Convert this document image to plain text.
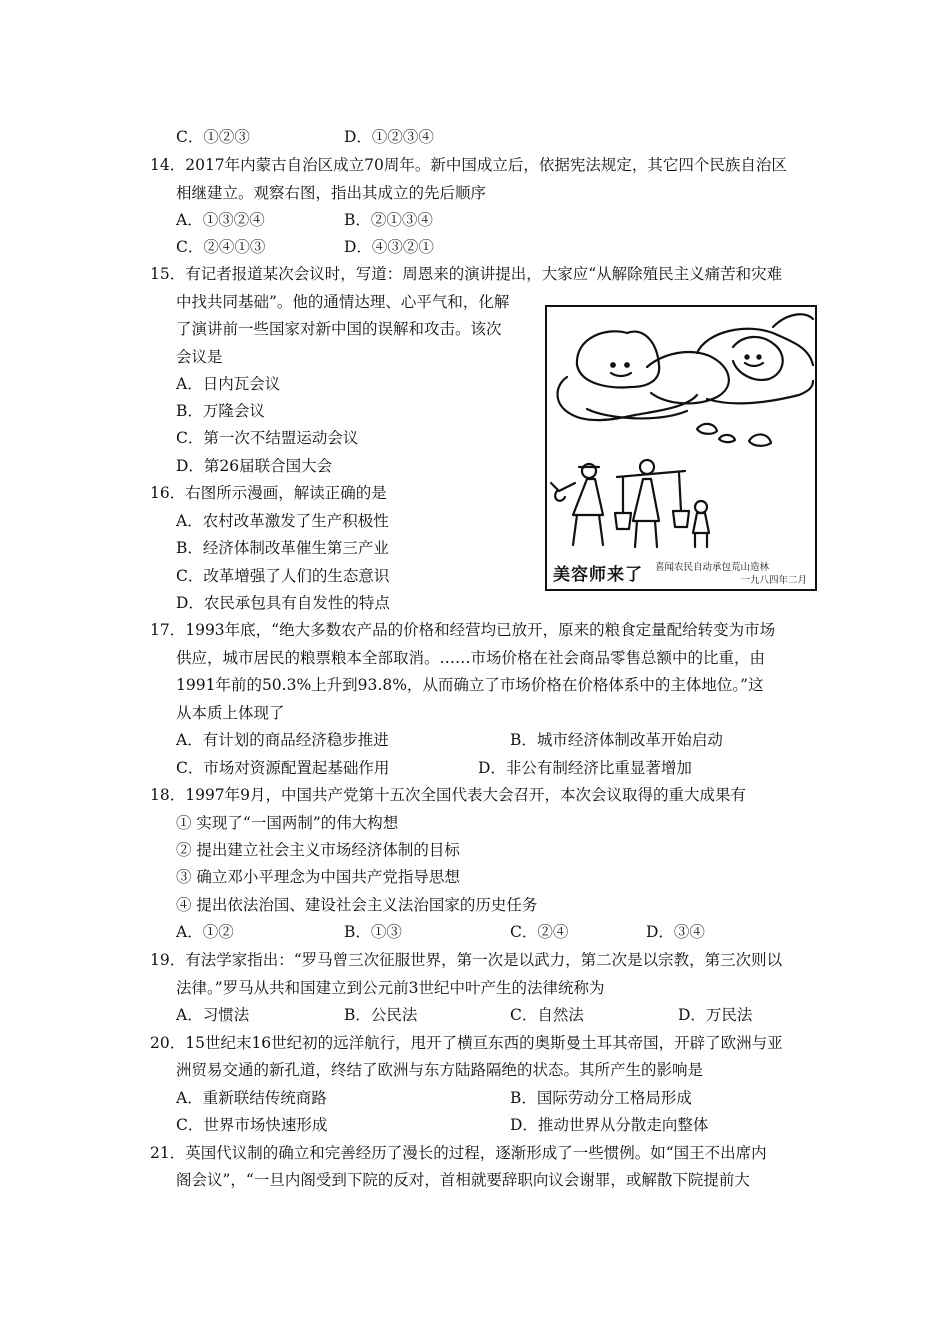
C．①②③	D．①②③④
14．2017年内蒙古自治区成立70周年。新中国成立后，依据宪法规定，其它四个民族自治区
相继建立。观察右图，指出其成立的先后顺序
A．①③②④	B．②①③④
C．②④①③	D．④③②①
15．有记者报道某次会议时，写道：周恩来的演讲提出，大家应“从解除殖民主义痛苦和灾难
中找共同基础”。他的通情达理、心平气和，化解
了演讲前一些国家对新中国的误解和攻击。该次
会议是
A．日内瓦会议
B．万隆会议
C．第一次不结盟运动会议
D．第26届联合国大会
16．右图所示漫画，解读正确的是
A．农村改革激发了生产积极性
B．经济体制改革催生第三产业
C．改革增强了人们的生态意识
D．农民承包具有自发性的特点
美容师来了 喜闻农民自动承包荒山造林
一九八四年二月
17．1993年底，“绝大多数农产品的价格和经营均已放开，原来的粮食定量配给转变为市场
供应，城市居民的粮票粮本全部取消。……市场价格在社会商品零售总额中的比重，由
1991年前的50.3%上升到93.8%，从而确立了市场价格在价格体系中的主体地位。”这
从本质上体现了
A．有计划的商品经济稳步推进	B．城市经济体制改革开始启动
C．市场对资源配置起基础作用	D．非公有制经济比重显著增加
18．1997年9月，中国共产党第十五次全国代表大会召开，本次会议取得的重大成果有
① 实现了“一国两制”的伟大构想
② 提出建立社会主义市场经济体制的目标
③ 确立邓小平理念为中国共产党指导思想
④ 提出依法治国、建设社会主义法治国家的历史任务
A．①②	B．①③	C．②④	D．③④
19．有法学家指出：“罗马曾三次征服世界，第一次是以武力，第二次是以宗教，第三次则以
法律。”罗马从共和国建立到公元前3世纪中叶产生的法律统称为
A．习惯法	B．公民法	C．自然法	D．万民法
20．15世纪末16世纪初的远洋航行，甩开了横亘东西的奥斯曼土耳其帝国，开辟了欧洲与亚
洲贸易交通的新孔道，终结了欧洲与东方陆路隔绝的状态。其所产生的影响是
A．重新联结传统商路	B．国际劳动分工格局形成
C．世界市场快速形成	D．推动世界从分散走向整体
21．英国代议制的确立和完善经历了漫长的过程，逐渐形成了一些惯例。如“国王不出席内
阁会议”，“一旦内阁受到下院的反对，首相就要辞职向议会谢罪，或解散下院提前大
